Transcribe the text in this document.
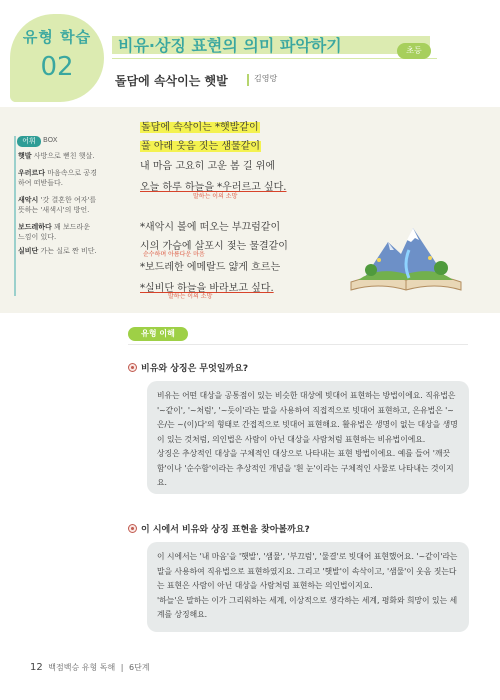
유형 학습
02
비유·상징 표현의 의미 파악하기	초등
돌담에 속삭이는 햇발	김영랑
어휘	BOX
햇발 사방으로 뻗친 햇살.
우러르다 마음속으로 공경하여 떠받들다.
새악시 '갓 결혼한 여자'를 뜻하는 '새색시'의 방언.
보드레하다 꽤 보드라운 느낌이 있다.
실비단 가는 실로 짠 비단.
돌담에 속삭이는 *햇발같이
풀 아래 웃음 짓는 샘물같이
내 마음 고요히 고운 봄 길 위에
오늘 하루 하늘을 *우러르고 싶다.
말하는 이의 소망
*새악시 볼에 떠오는 부끄럼같이
시의 가슴에 살포시 젖는 물결같이
순수하며 아름다운 마음
*보드레한 에메랄드 얇게 흐르는
*실비단 하늘을 바라보고 싶다.
말하는 이의 소망
유형 이해
비유와 상징은 무엇일까요?
비유는 어떤 대상을 공통점이 있는 비슷한 대상에 빗대어 표현하는 방법이에요. 직유법은 '~같이', '~처럼', '~듯이'라는 말을 사용하여 직접적으로 빗대어 표현하고, 은유법은 '~은/는 ~(이)다'의 형태로 간접적으로 빗대어 표현해요. 활유법은 생명이 없는 대상을 생명이 있는 것처럼, 의인법은 사람이 아닌 대상을 사람처럼 표현하는 비유법이에요.
상징은 추상적인 대상을 구체적인 대상으로 나타내는 표현 방법이에요. 예를 들어 '깨끗함'이나 '순수함'이라는 추상적인 개념을 '흰 눈'이라는 구체적인 사물로 나타내는 것이지요.
이 시에서 비유와 상징 표현을 찾아볼까요?
이 시에서는 '내 마음'을 '햇발', '샘물', '부끄럼', '물결'로 빗대어 표현했어요. '~같이'라는 말을 사용하여 직유법으로 표현하였지요. 그리고 '햇발'이 속삭이고, '샘물'이 웃음 짓는다는 표현은 사람이 아닌 대상을 사람처럼 표현하는 의인법이지요.
'하늘'은 말하는 이가 그리워하는 세계, 이상적으로 생각하는 세계, 평화와 희망이 있는 세계를 상징해요.
12 백점백승 유형 독해 | 6단계
